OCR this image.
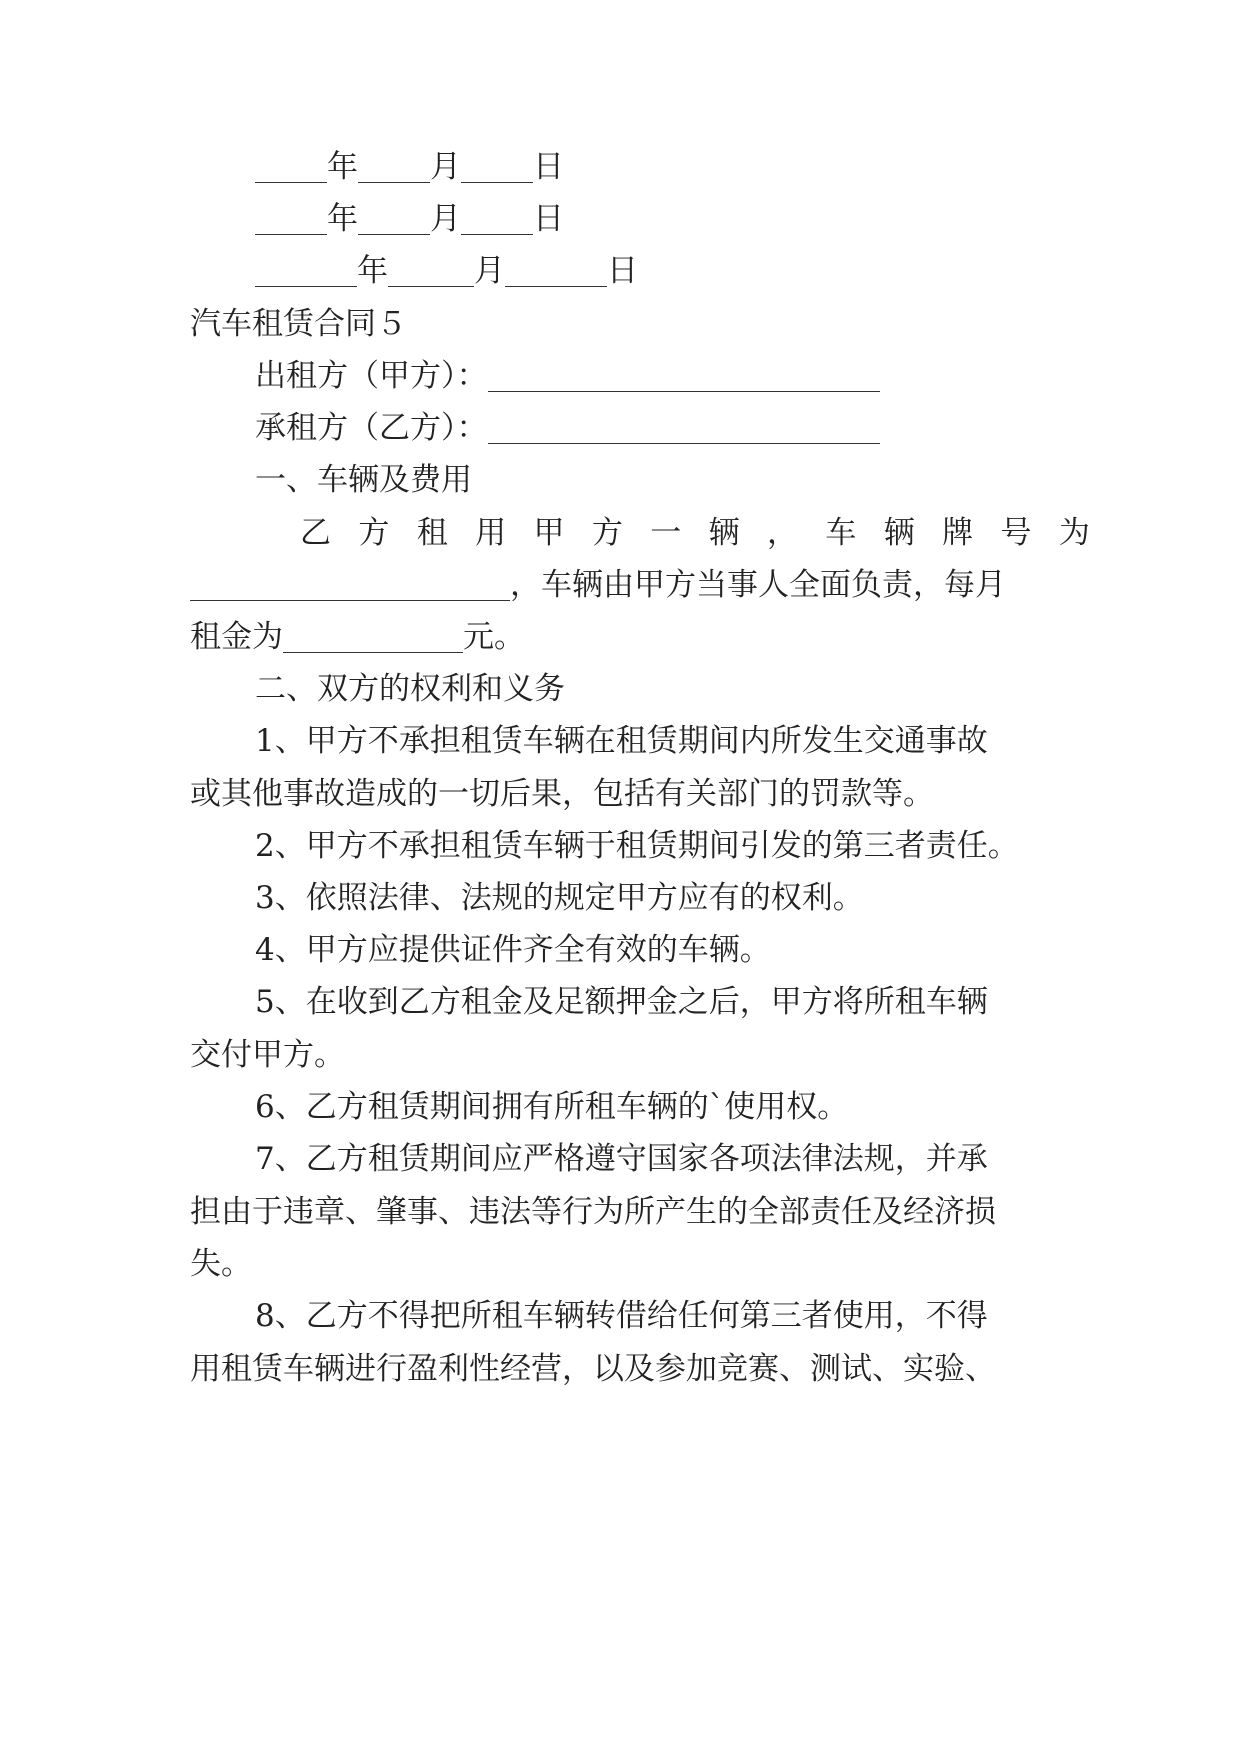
年 月 日
年 月 日
年	月	日
汽车租赁合同５
出租方（甲方）：
承租方（乙方）：
一、车辆及费用
乙 方 租 用 甲 方 一 辆 ， 车 辆 牌 号 为
，车辆由甲方当事人全面负责，每月
租金为	元。
二、双方的权利和义务
1、甲方不承担租赁车辆在租赁期间内所发生交通事故
或其他事故造成的一切后果，包括有关部门的罚款等。
2、甲方不承担租赁车辆于租赁期间引发的第三者责任。
3、依照法律、法规的规定甲方应有的权利。
4、甲方应提供证件齐全有效的车辆。
5、在收到乙方租金及足额押金之后，甲方将所租车辆
交付甲方。
6、乙方租赁期间拥有所租车辆的`使用权。
7、乙方租赁期间应严格遵守国家各项法律法规，并承
担由于违章、肇事、违法等行为所产生的全部责任及经济损
失。
8、乙方不得把所租车辆转借给任何第三者使用，不得
用租赁车辆进行盈利性经营，以及参加竞赛、测试、实验、
